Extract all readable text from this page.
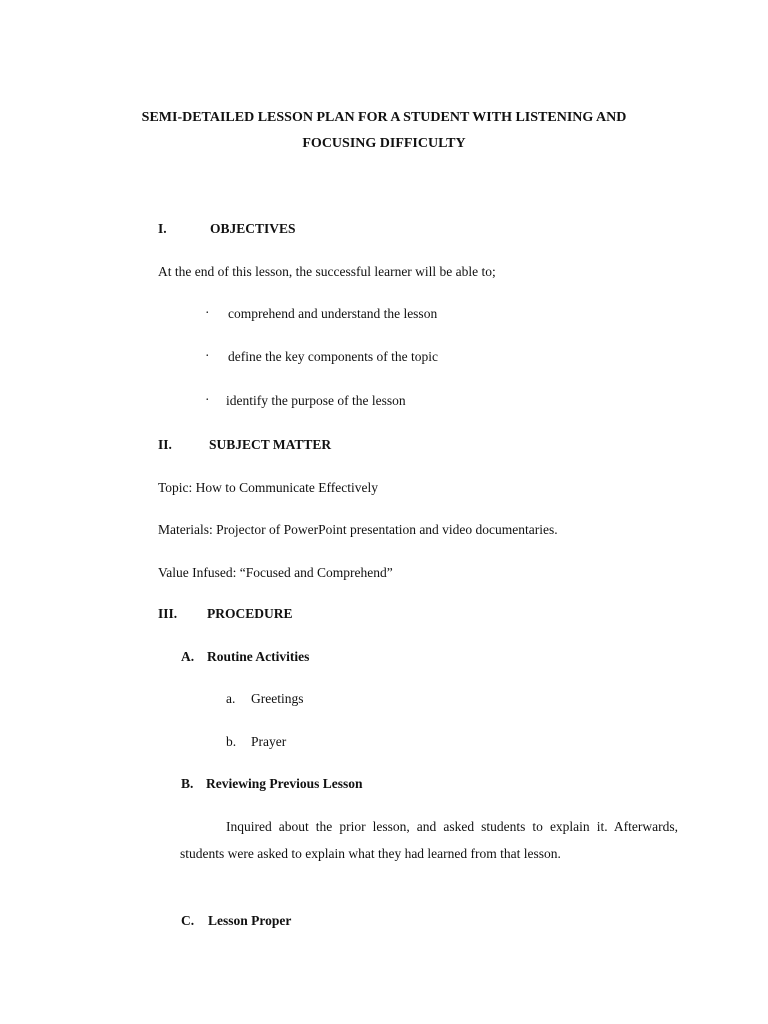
SEMI-DETAILED LESSON PLAN FOR A STUDENT WITH LISTENING AND
FOCUSING DIFFICULTY
I.	OBJECTIVES
At the end of this lesson, the successful learner will be able to;
· comprehend and understand the lesson
· define the key components of the topic
· identify the purpose of the lesson
II.	SUBJECT MATTER
Topic: How to Communicate Effectively
Materials: Projector of PowerPoint presentation and video documentaries.
Value Infused: “Focused and Comprehend”
III. PROCEDURE
A. Routine Activities
a. Greetings
b. Prayer
B. Reviewing Previous Lesson
Inquired about the prior lesson, and asked students to explain it. Afterwards, students were asked to explain what they had learned from that lesson.
C. Lesson Proper
